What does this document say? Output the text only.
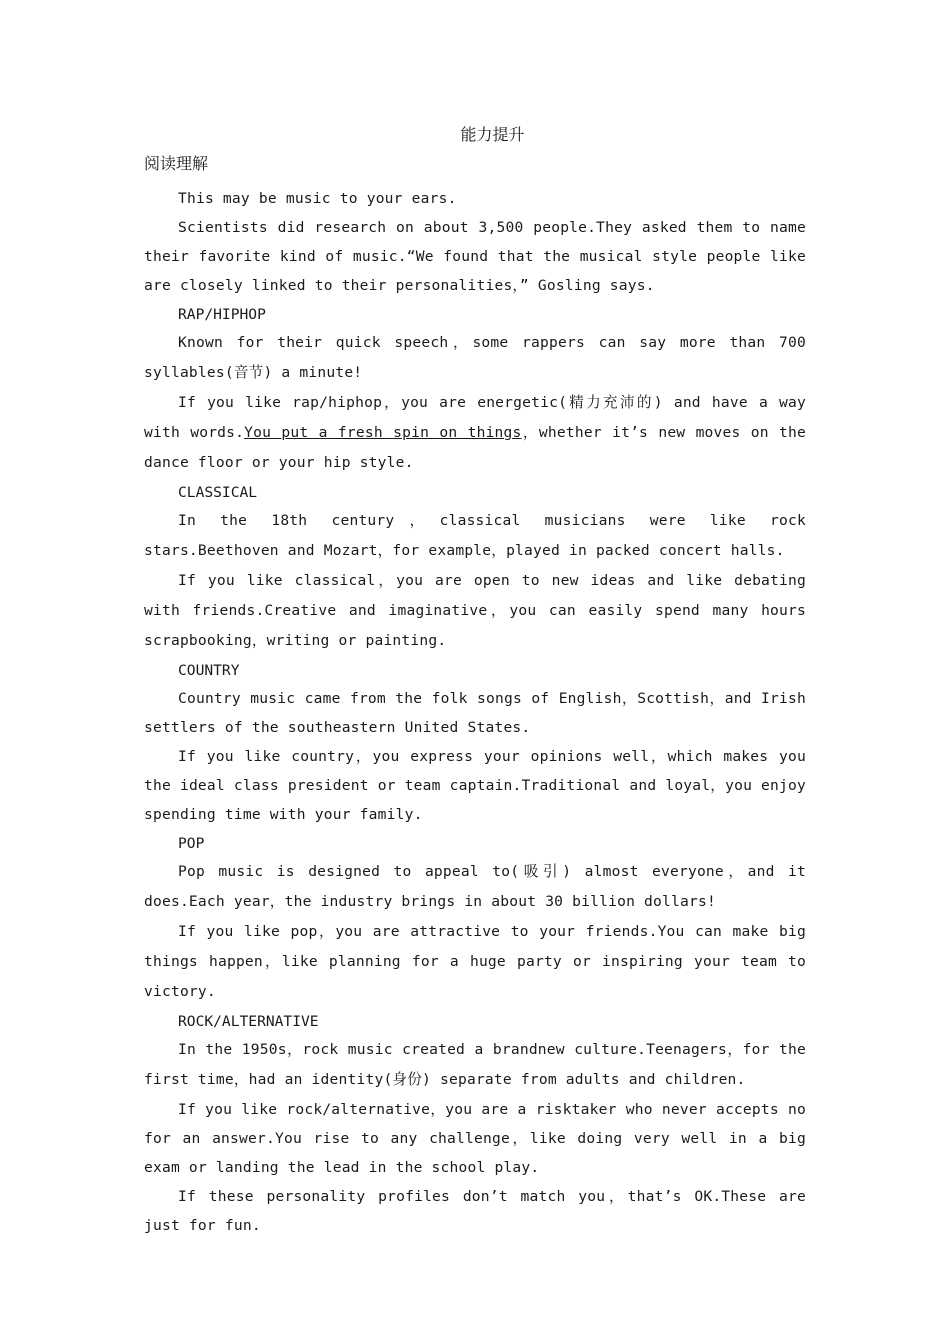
能力提升
阅读理解

This may be music to your ears.

Scientists did research on about 3,500 people.They asked them to name their favorite kind of music.“We found that the musical style people like are closely linked to their personalities，” Gosling says.

RAP/HIPHOP

Known for their quick speech，some rappers can say more than 700 syllables(音节) a minute!

If you like rap/hiphop，you are energetic(精力充沛的) and have a way with words.You put a fresh spin on things，whether it’s new moves on the dance floor or your hip style.

CLASSICAL

In the 18th century，classical musicians were like rock stars.Beethoven and Mozart，for example，played in packed concert halls.

If you like classical，you are open to new ideas and like debating with friends.Creative and imaginative，you can easily spend many hours scrapbooking，writing or painting.

COUNTRY

Country music came from the folk songs of English，Scottish，and Irish settlers of the southeastern United States.

If you like country，you express your opinions well，which makes you the ideal class president or team captain.Traditional and loyal，you enjoy spending time with your family.

POP

Pop music is designed to appeal to(吸引) almost everyone，and it does.Each year，the industry brings in about 30 billion dollars!

If you like pop，you are attractive to your friends.You can make big things happen，like planning for a huge party or inspiring your team to victory.

ROCK/ALTERNATIVE

In the 1950s，rock music created a brandnew culture.Teenagers，for the first time，had an identity(身份) separate from adults and children.

If you like rock/alternative，you are a risktaker who never accepts no for an answer.You rise to any challenge，like doing very well in a big exam or landing the lead in the school play.

If these personality profiles don’t match you，that’s OK.These are just for fun.
